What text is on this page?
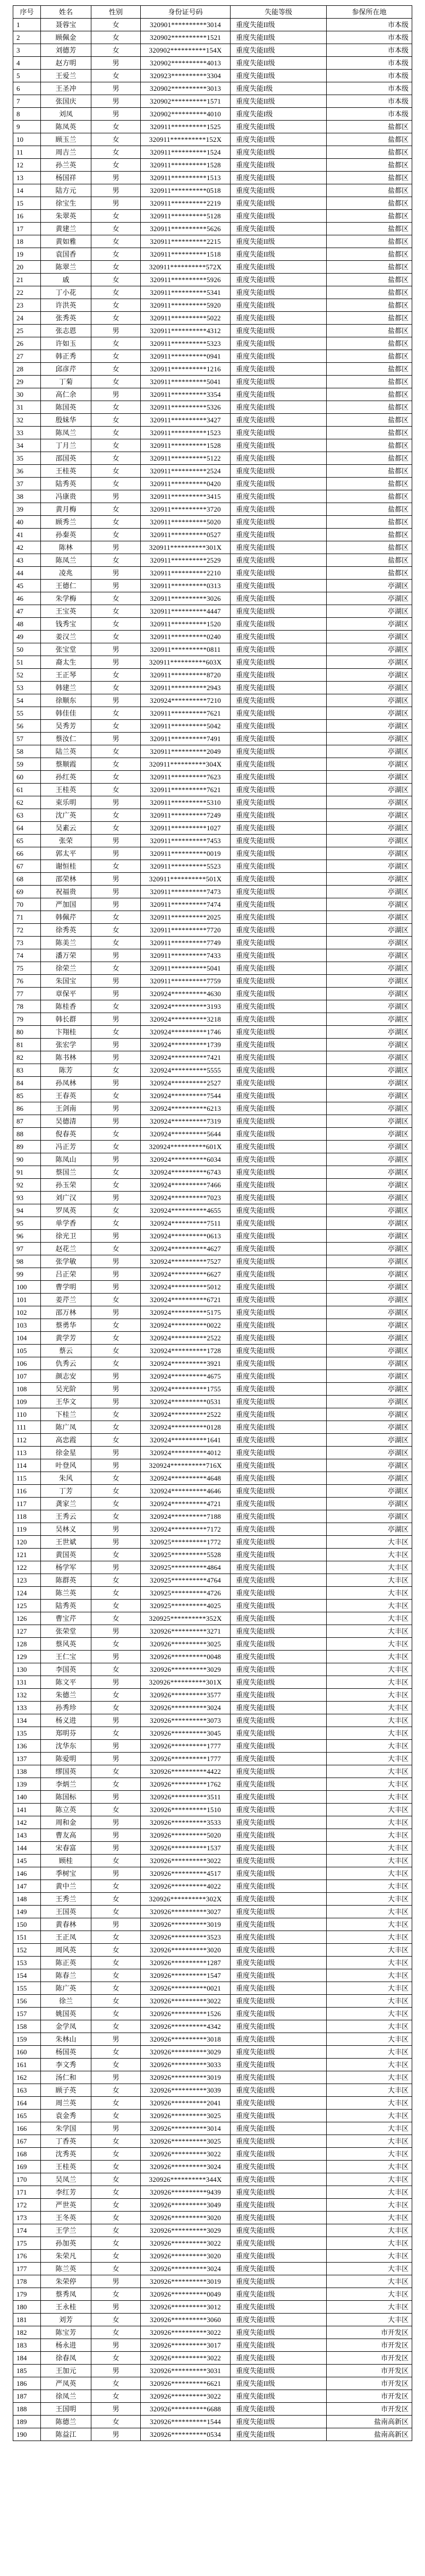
序号	姓名	性别	身份证号码	失能等级	参保所在地
1	聂蓉宝	女	320901**********3014	重度失能II级	市本级
2	顾佩金	女	320902**********1521	重度失能II级	市本级
3	刘德芳	女	320902**********154X	重度失能II级	市本级
4	赵方明	男	320902**********4013	重度失能II级	市本级
5	王爱兰	女	320923**********3304	重度失能II级	市本级
6	王圣冲	男	320902**********3013	重度失能I级	市本级
7	张国庆	男	320902**********1571	重度失能II级	市本级
8	刘凤	男	320902**********4010	重度失能I级	市本级
9	陈凤英	女	320911**********1525	重度失能II级	盐都区
10	顾玉兰	女	320911**********152X	重度失能II级	盐都区
11	周吉兰	女	320911**********1524	重度失能II级	盐都区
12	孙兰英	女	320911**********1528	重度失能II级	盐都区
13	杨国祥	男	320911**********1513	重度失能II级	盐都区
14	陆方元	男	320911**********0518	重度失能II级	盐都区
15	徐宝生	男	320911**********2219	重度失能II级	盐都区
16	朱翠英	女	320911**********5128	重度失能II级	盐都区
17	黄建兰	女	320911**********5626	重度失能II级	盐都区
18	黄如雅	女	320911**********2215	重度失能II级	盐都区
19	袁国香	女	320911**********1518	重度失能II级	盐都区
20	陈翠兰	女	320911**********572X	重度失能II级	盐都区
21	戚	女	320911**********5926	重度失能II级	盐都区
22	丁小花	女	320911**********5341	重度失能II级	盐都区
23	许洪英	女	320911**********5920	重度失能II级	盐都区
24	张秀英	女	320911**********5022	重度失能II级	盐都区
25	张志恩	男	320911**********4312	重度失能II级	盐都区
26	许如玉	女	320911**********5323	重度失能II级	盐都区
27	韩正秀	女	320911**********0941	重度失能II级	盐都区
28	邱彦芹	女	320911**********1216	重度失能II级	盐都区
29	丁菊	女	320911**********5041	重度失能II级	盐都区
30	高仁余	男	320911**********3354	重度失能II级	盐都区
31	陈国英	女	320911**********5326	重度失能II级	盐都区
32	殷妹华	女	320911**********3427	重度失能II级	盐都区
33	陈凤兰	女	320911**********1523	重度失能II级	盐都区
34	丁月兰	女	320911**********1528	重度失能II级	盐都区
35	邵国英	女	320911**********5122	重度失能II级	盐都区
36	王桂英	女	320911**********2524	重度失能II级	盐都区
37	陆秀英	女	320911**********0420	重度失能II级	盐都区
38	冯康贵	男	320911**********3415	重度失能II级	盐都区
39	黄月梅	女	320911**********3720	重度失能II级	盐都区
40	顾秀兰	女	320911**********5020	重度失能II级	盐都区
41	孙秦英	女	320911**********0527	重度失能II级	盐都区
42	陈林	男	320911**********301X	重度失能II级	盐都区
43	陈凤兰	女	320911**********2529	重度失能II级	盐都区
44	凌兆	男	320911**********2210	重度失能II级	盐都区
45	王德仁	男	320911**********0313	重度失能II级	亭湖区
46	朱学梅	女	320911**********3026	重度失能II级	亭湖区
47	王宝英	女	320911**********4447	重度失能II级	亭湖区
48	钱秀宝	女	320911**********1520	重度失能II级	亭湖区
49	姜汉兰	女	320911**********0240	重度失能II级	亭湖区
50	张宝堂	男	320911**********0811	重度失能II级	亭湖区
51	裔太生	男	320911**********603X	重度失能II级	亭湖区
52	王正琴	女	320911**********8720	重度失能II级	亭湖区
53	韩建兰	女	320911**********2943	重度失能II级	亭湖区
54	徐顺东	男	320924**********7210	重度失能II级	亭湖区
55	韩佳佳	女	320911**********7621	重度失能II级	亭湖区
56	吴秀芳	女	320911**********5042	重度失能II级	亭湖区
57	蔡汝仁	男	320911**********7491	重度失能II级	亭湖区
58	陆兰英	女	320911**********2049	重度失能II级	亭湖区
59	蔡顺霞	女	320911**********304X	重度失能II级	亭湖区
60	孙红英	女	320911**********7623	重度失能II级	亭湖区
61	王桂英	女	320911**********7621	重度失能II级	亭湖区
62	束乐明	男	320911**********5310	重度失能II级	亭湖区
63	沈广英	女	320911**********7249	重度失能II级	亭湖区
64	吴素云	女	320911**********1027	重度失能II级	亭湖区
65	张荣	男	320911**********7453	重度失能II级	亭湖区
66	郭太平	男	320911**********0019	重度失能II级	亭湖区
67	谢恒桂	女	320911**********5523	重度失能II级	亭湖区
68	邵荣林	男	320911**********501X	重度失能II级	亭湖区
69	祝福贵	男	320911**********7473	重度失能II级	亭湖区
70	严加国	男	320911**********7474	重度失能II级	亭湖区
71	韩佩芹	女	320911**********2025	重度失能II级	亭湖区
72	徐秀英	女	320911**********7720	重度失能II级	亭湖区
73	陈美兰	女	320911**********7749	重度失能II级	亭湖区
74	潘万荣	男	320911**********7433	重度失能II级	亭湖区
75	徐荣兰	女	320911**********5041	重度失能II级	亭湖区
76	朱国宝	男	320911**********7759	重度失能II级	亭湖区
77	章保平	男	320924**********4630	重度失能II级	亭湖区
78	陈桂香	女	320924**********3193	重度失能II级	亭湖区
79	韩长群	男	320924**********3218	重度失能II级	亭湖区
80	卞翔桂	女	320924**********1746	重度失能II级	亭湖区
81	张宏学	男	320924**********1739	重度失能II级	亭湖区
82	陈书林	男	320924**********7421	重度失能II级	亭湖区
83	陈芳	女	320924**********5555	重度失能II级	亭湖区
84	孙凤林	男	320924**********2527	重度失能II级	亭湖区
85	王春英	女	320924**********7544	重度失能II级	亭湖区
86	王剑南	男	320924**********6213	重度失能II级	亭湖区
87	吴德清	男	320924**********7319	重度失能II级	亭湖区
88	倪春英	女	320924**********5644	重度失能II级	亭湖区
89	冯正芳	女	320924**********601X	重度失能II级	亭湖区
90	陈凤山	男	320924**********6034	重度失能II级	亭湖区
91	蔡国兰	女	320924**********6743	重度失能II级	亭湖区
92	孙玉荣	女	320924**********7466	重度失能II级	亭湖区
93	刘广汉	男	320924**********7023	重度失能II级	亭湖区
94	罗凤英	女	320924**********4655	重度失能II级	亭湖区
95	单学香	女	320924**********7511	重度失能II级	亭湖区
96	徐光卫	男	320924**********0613	重度失能II级	亭湖区
97	赵花兰	女	320924**********4627	重度失能II级	亭湖区
98	张学敏	男	320924**********7527	重度失能II级	亭湖区
99	吕正荣	男	320924**********6627	重度失能II级	亭湖区
100	曹学明	男	320924**********5012	重度失能II级	亭湖区
101	姜芹兰	女	320924**********6721	重度失能II级	亭湖区
102	邵万林	男	320924**********5175	重度失能II级	亭湖区
103	蔡勇华	女	320924**********0022	重度失能II级	亭湖区
104	黄学芳	女	320924**********2522	重度失能II级	亭湖区
105	蔡云	女	320924**********1728	重度失能II级	亭湖区
106	仇秀云	女	320924**********3921	重度失能II级	亭湖区
107	颜志安	男	320924**********4675	重度失能II级	亭湖区
108	吴光阶	男	320924**********1755	重度失能II级	亭湖区
109	王华文	男	320924**********0531	重度失能II级	亭湖区
110	下桂兰	女	320924**********2522	重度失能II级	亭湖区
111	陈广凤	女	320924**********0128	重度失能II级	亭湖区
112	高忠霞	女	320924**********1641	重度失能II级	亭湖区
113	徐金星	男	320924**********4012	重度失能II级	亭湖区
114	叶登风	男	320924**********716X	重度失能II级	亭湖区
115	朱风	女	320924**********4648	重度失能II级	亭湖区
116	丁芳	女	320924**********4646	重度失能II级	亭湖区
117	龚家兰	女	320924**********4721	重度失能II级	亭湖区
118	王秀云	女	320924**********7188	重度失能II级	亭湖区
119	吴林义	男	320924**********7172	重度失能II级	亭湖区
120	王世斌	男	320925**********1772	重度失能II级	大丰区
121	黄国英	女	320925**********5528	重度失能II级	大丰区
122	杨学军	男	320925**********4864	重度失能II级	大丰区
123	陈群英	女	320925**********4764	重度失能II级	大丰区
124	陈兰英	女	320925**********4726	重度失能II级	大丰区
125	陆秀英	女	320925**********4025	重度失能II级	大丰区
126	曹宝芹	女	320925**********352X	重度失能II级	大丰区
127	张荣堂	男	320926**********3271	重度失能II级	大丰区
128	蔡风英	女	320926**********3025	重度失能II级	大丰区
129	王仁宝	男	320926**********0048	重度失能II级	大丰区
130	李国英	女	320926**********3029	重度失能II级	大丰区
131	陈文平	男	320926**********301X	重度失能II级	大丰区
132	朱德兰	女	320926**********3577	重度失能II级	大丰区
133	孙秀珍	女	320926**********3024	重度失能II级	大丰区
134	杨义进	男	320926**********3073	重度失能II级	大丰区
135	郑明芬	女	320926**********3045	重度失能II级	大丰区
136	沈华东	男	320926**********1777	重度失能II级	大丰区
137	陈爱明	男	320926**********1777	重度失能II级	大丰区
138	缪国英	女	320926**********4422	重度失能II级	大丰区
139	李炳兰	女	320926**********1762	重度失能II级	大丰区
140	陈国标	男	320926**********3511	重度失能II级	大丰区
141	陈立英	女	320926**********1510	重度失能II级	大丰区
142	周和金	男	320926**********3533	重度失能II级	大丰区
143	曹友高	男	320926**********5020	重度失能II级	大丰区
144	宋春富	男	320926**********1537	重度失能II级	大丰区
145	顾桂	女	320926**********3022	重度失能II级	大丰区
146	季树宝	男	320926**********4517	重度失能II级	大丰区
147	黄中兰	女	320926**********4022	重度失能II级	大丰区
148	王秀兰	女	320926**********302X	重度失能II级	大丰区
149	王国英	女	320926**********3027	重度失能II级	大丰区
150	黄春林	男	320926**********3019	重度失能II级	大丰区
151	王正凤	女	320926**********3523	重度失能II级	大丰区
152	周风英	女	320926**********3020	重度失能II级	大丰区
153	陈正英	女	320926**********1287	重度失能II级	大丰区
154	陈春兰	女	320926**********1547	重度失能II级	大丰区
155	陈广英	女	320926**********0021	重度失能II级	大丰区
156	徐兰	女	320926**********3022	重度失能II级	大丰区
157	姚国英	女	320926**********1526	重度失能II级	大丰区
158	金学凤	女	320926**********4342	重度失能II级	大丰区
159	朱林山	男	320926**********3018	重度失能II级	大丰区
160	杨国英	女	320926**********3029	重度失能II级	大丰区
161	李文秀	女	320926**********3033	重度失能II级	大丰区
162	汤仁和	男	320926**********3019	重度失能II级	大丰区
163	顾子英	女	320926**********3039	重度失能II级	大丰区
164	周兰英	女	320926**********2041	重度失能II级	大丰区
165	袁金秀	女	320926**********3025	重度失能II级	大丰区
166	朱学国	男	320926**********3014	重度失能II级	大丰区
167	丁香英	女	320926**********3025	重度失能II级	大丰区
168	沈秀英	女	320926**********3022	重度失能II级	大丰区
169	王桂英	女	320926**********3024	重度失能II级	大丰区
170	吴凤兰	女	320926**********344X	重度失能II级	大丰区
171	李红芳	女	320926**********9439	重度失能II级	大丰区
172	严世英	女	320926**********3049	重度失能II级	大丰区
173	王冬英	女	320926**********3020	重度失能II级	大丰区
174	王学兰	女	320926**********3029	重度失能II级	大丰区
175	孙加英	女	320926**********3022	重度失能II级	大丰区
176	朱荣凡	女	320926**********3020	重度失能II级	大丰区
177	陈兰英	女	320926**********3024	重度失能II级	大丰区
178	朱荣停	男	320926**********3019	重度失能II级	大丰区
179	蔡秀凤	女	320926**********0049	重度失能II级	大丰区
180	王永桂	男	320926**********3012	重度失能II级	大丰区
181	刘芳	女	320926**********3060	重度失能II级	大丰区
182	陈宝芳	女	320926**********3022	重度失能II级	市开发区
183	杨永进	男	320926**********3017	重度失能II级	市开发区
184	徐春凤	女	320926**********3022	重度失能II级	市开发区
185	王加元	男	320926**********3031	重度失能II级	市开发区
186	严凤英	女	320926**********6621	重度失能II级	市开发区
187	徐凤兰	女	320926**********3022	重度失能II级	市开发区
188	王国明	男	320926**********6688	重度失能II级	市开发区
189	陈德兰	女	320926**********1544	重度失能II级	盐南高新区
190	陈益江	男	320926**********0534	重度失能II级	盐南高新区
